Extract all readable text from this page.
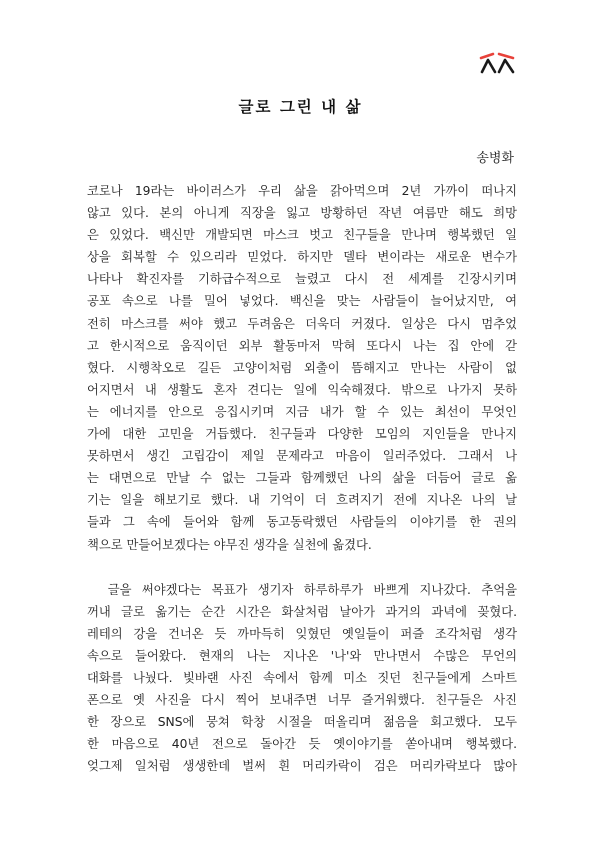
글로 그린 내 삶
송병화
코로나 19라는 바이러스가 우리 삶을 갉아먹으며 2년 가까이 떠나지
않고 있다. 본의 아니게 직장을 잃고 방황하던 작년 여름만 해도 희망
은 있었다. 백신만 개발되면 마스크 벗고 친구들을 만나며 행복했던 일
상을 회복할 수 있으리라 믿었다. 하지만 델타 변이라는 새로운 변수가
나타나 확진자를 기하급수적으로 늘렸고 다시 전 세계를 긴장시키며
공포 속으로 나를 밀어 넣었다. 백신을 맞는 사람들이 늘어났지만, 여
전히 마스크를 써야 했고 두려움은 더욱더 커졌다. 일상은 다시 멈추었
고 한시적으로 움직이던 외부 활동마저 막혀 또다시 나는 집 안에 갇
혔다. 시행착오로 길든 고양이처럼 외출이 뜸해지고 만나는 사람이 없
어지면서 내 생활도 혼자 견디는 일에 익숙해졌다. 밖으로 나가지 못하
는 에너지를 안으로 응집시키며 지금 내가 할 수 있는 최선이 무엇인
가에 대한 고민을 거듭했다. 친구들과 다양한 모임의 지인들을 만나지
못하면서 생긴 고립감이 제일 문제라고 마음이 일러주었다. 그래서 나
는 대면으로 만날 수 없는 그들과 함께했던 나의 삶을 더듬어 글로 옮
기는 일을 해보기로 했다. 내 기억이 더 흐려지기 전에 지나온 나의 날
들과 그 속에 들어와 함께 동고동락했던 사람들의 이야기를 한 권의
책으로 만들어보겠다는 야무진 생각을 실천에 옮겼다.
글을 써야겠다는 목표가 생기자 하루하루가 바쁘게 지나갔다. 추억을
꺼내 글로 옮기는 순간 시간은 화살처럼 날아가 과거의 과녁에 꽂혔다.
레테의 강을 건너온 듯 까마득히 잊혔던 옛일들이 퍼즐 조각처럼 생각
속으로 들어왔다. 현재의 나는 지나온 '나'와 만나면서 수많은 무언의
대화를 나눴다. 빛바랜 사진 속에서 함께 미소 짓던 친구들에게 스마트
폰으로 옛 사진을 다시 찍어 보내주면 너무 즐거워했다. 친구들은 사진
한 장으로 SNS에 뭉쳐 학창 시절을 떠올리며 젊음을 회고했다. 모두
한 마음으로 40년 전으로 돌아간 듯 옛이야기를 쏟아내며 행복했다.
엊그제 일처럼 생생한데 벌써 흰 머리카락이 검은 머리카락보다 많아
